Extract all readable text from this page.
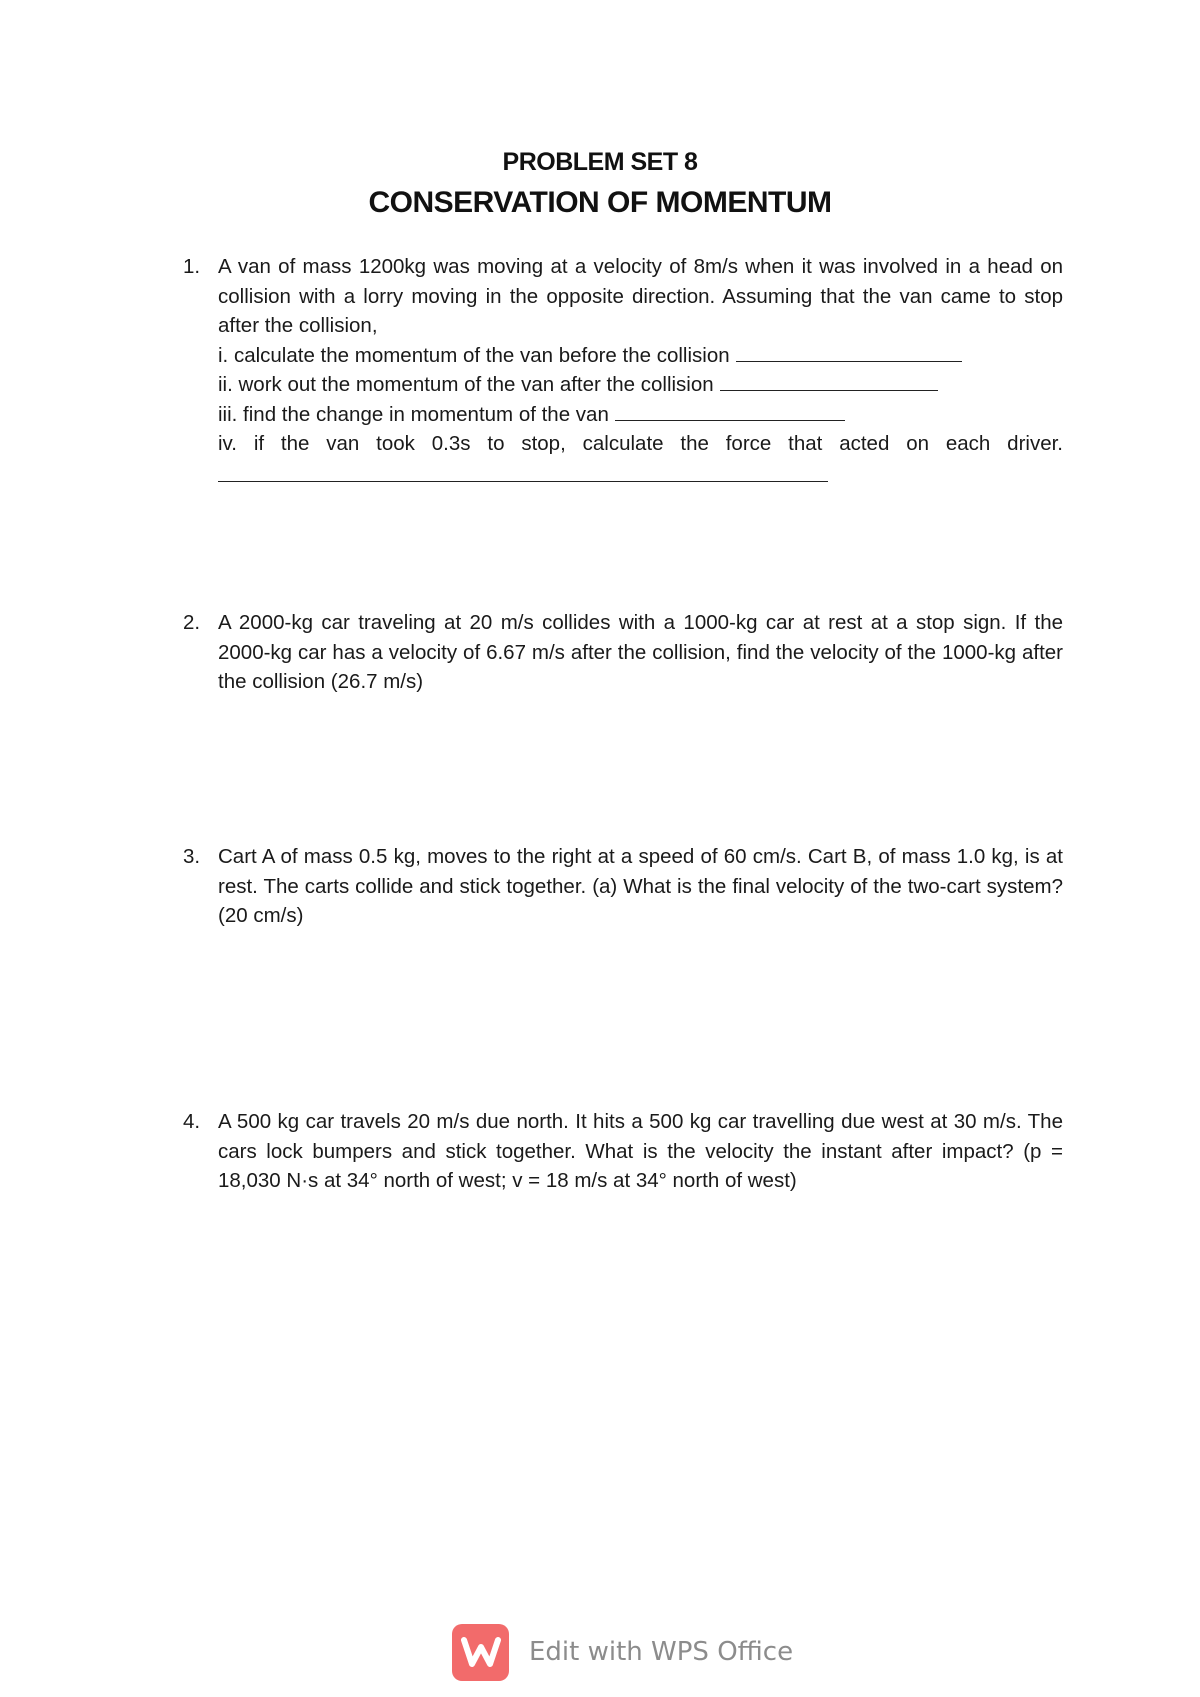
PROBLEM SET 8
CONSERVATION OF MOMENTUM
1. A van of mass 1200kg was moving at a velocity of 8m/s when it was involved in a head on collision with a lorry moving in the opposite direction. Assuming that the van came to stop after the collision,
i. calculate the momentum of the van before the collision
ii. work out the momentum of the van after the collision
iii. find the change in momentum of the van
iv. if the van took 0.3s to stop, calculate the force that acted on each driver.
2. A 2000-kg car traveling at 20 m/s collides with a 1000-kg car at rest at a stop sign. If the 2000-kg car has a velocity of 6.67 m/s after the collision, find the velocity of the 1000-kg after the collision (26.7 m/s)
3. Cart A of mass 0.5 kg, moves to the right at a speed of 60 cm/s. Cart B, of mass 1.0 kg, is at rest. The carts collide and stick together. (a) What is the final velocity of the two-cart system? (20 cm/s)
4. A 500 kg car travels 20 m/s due north. It hits a 500 kg car travelling due west at 30 m/s. The cars lock bumpers and stick together. What is the velocity the instant after impact? (p = 18,030 N·s at 34° north of west; v = 18 m/s at 34° north of west)
Edit with WPS Office
